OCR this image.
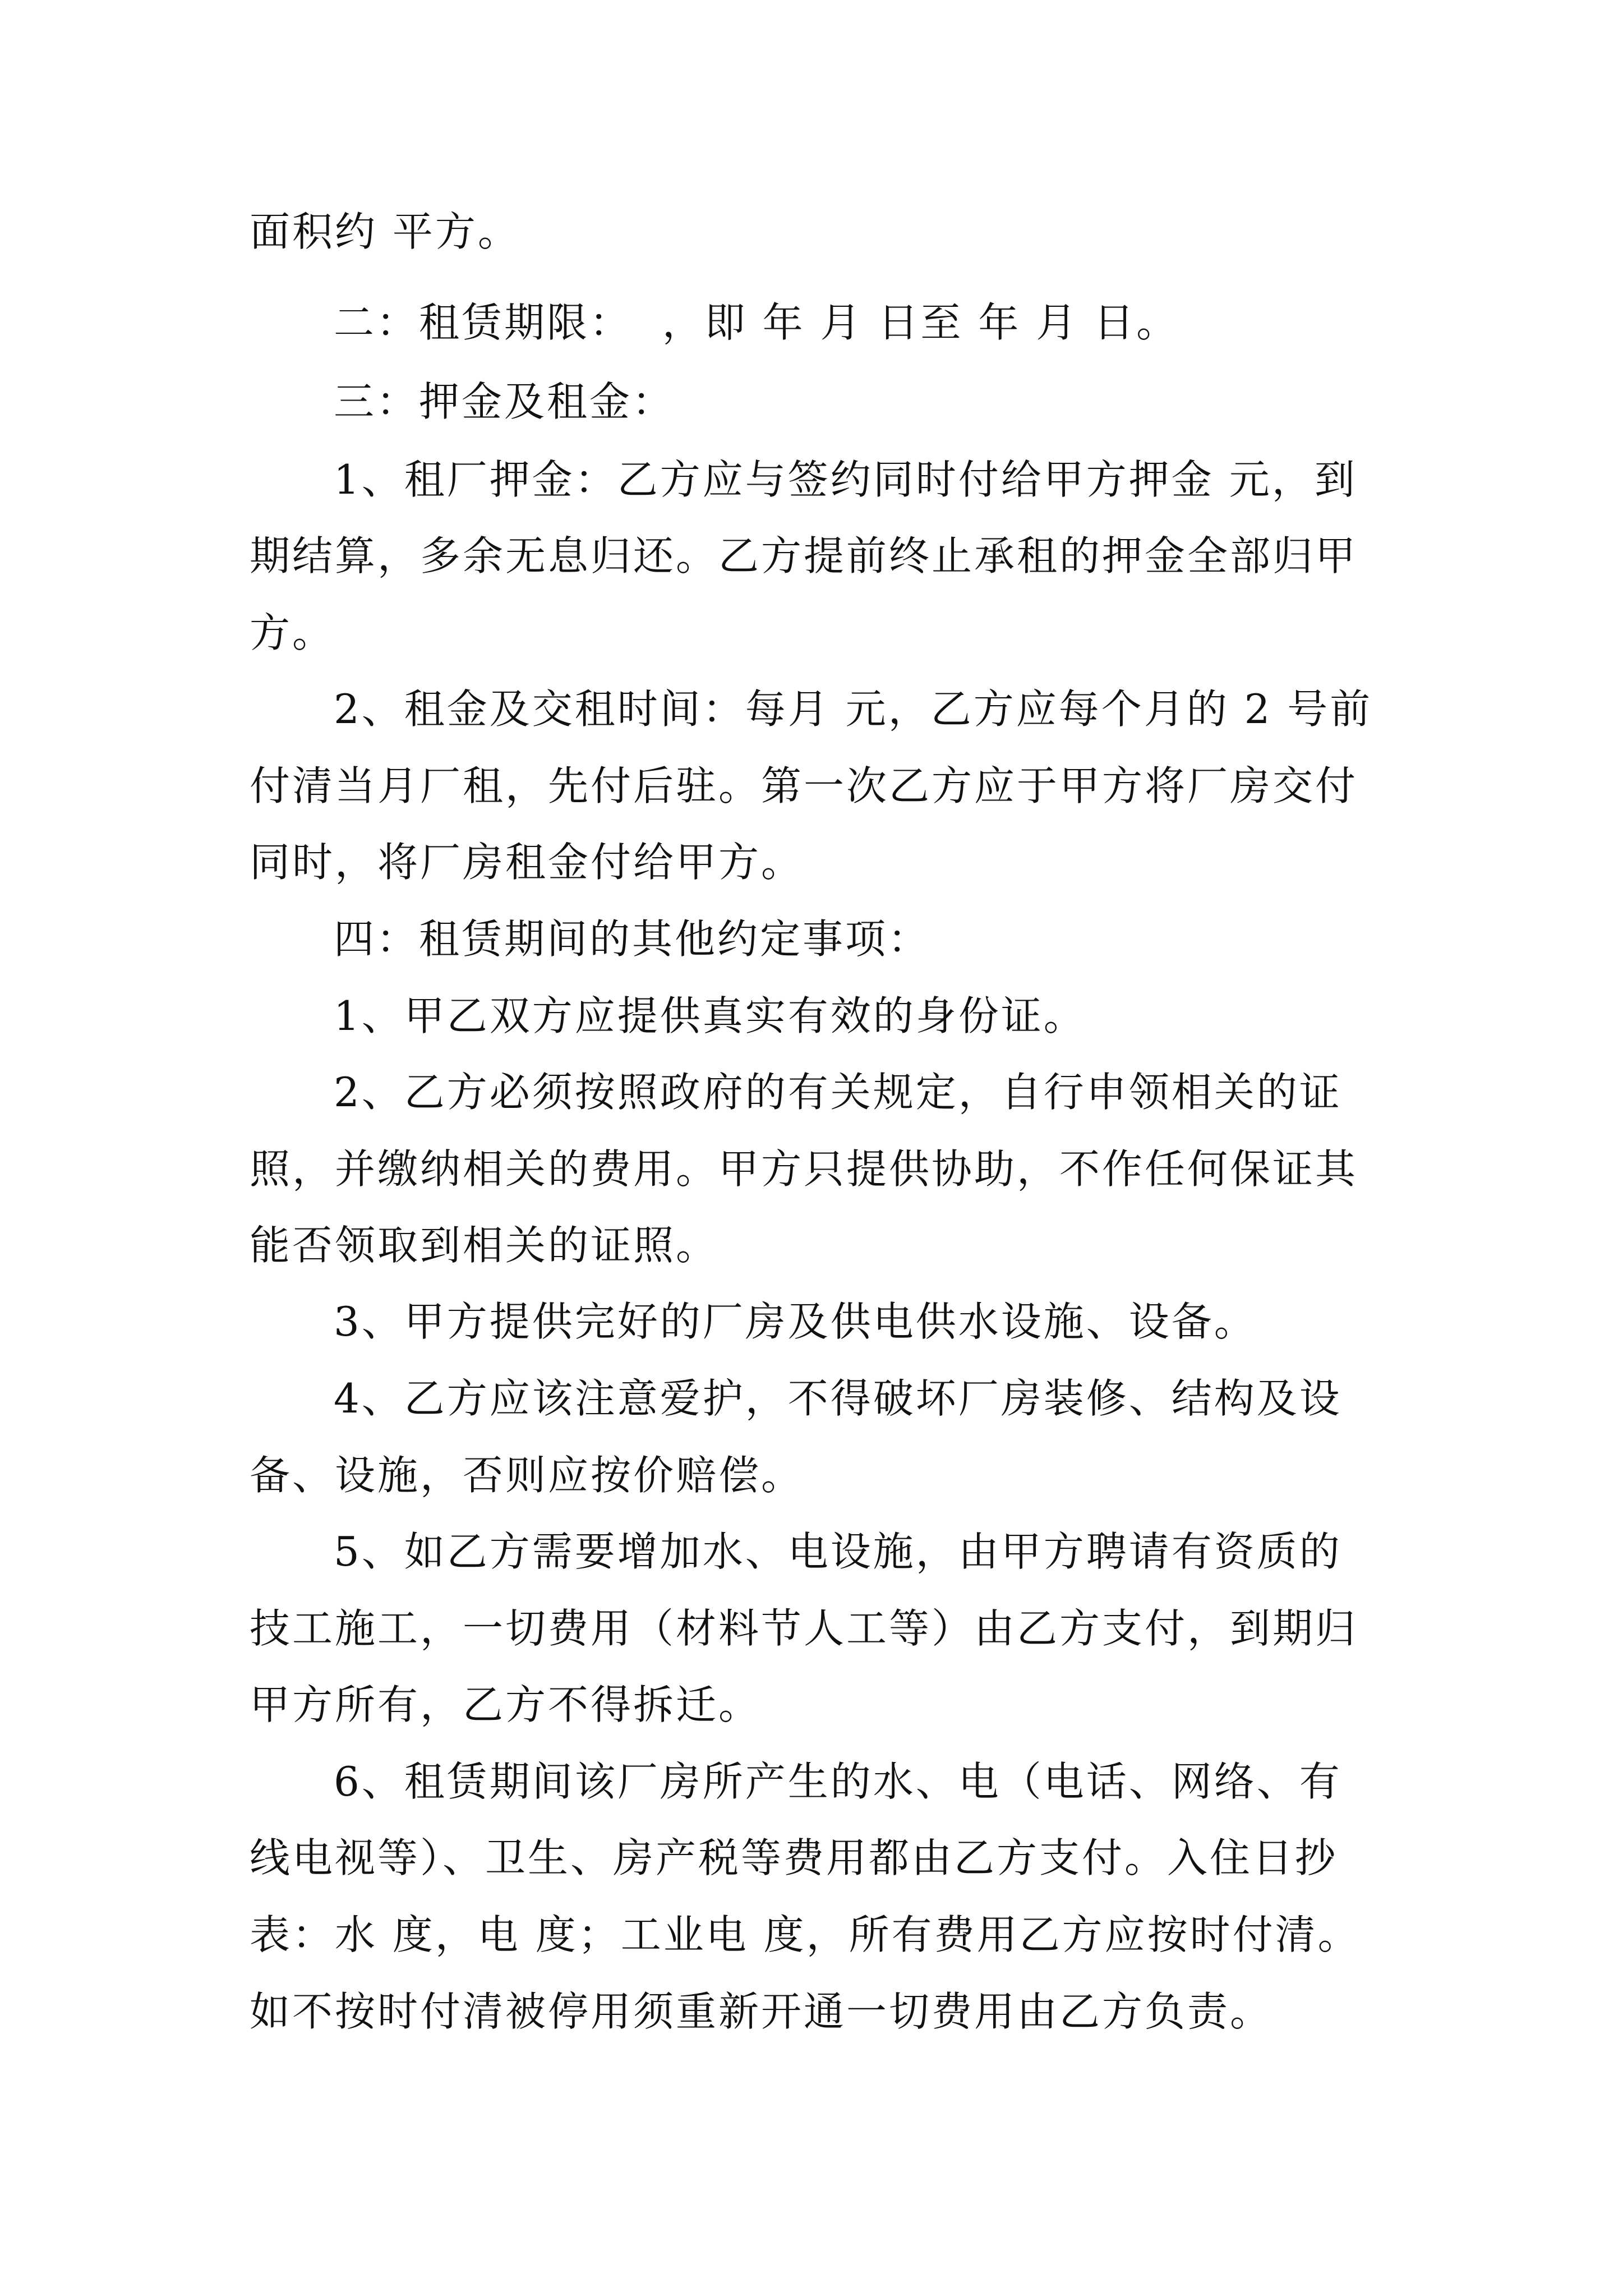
面积约 平方。
二：租赁期限：  ，即 年 月 日至 年 月 日。
三：押金及租金：
1、租厂押金：乙方应与签约同时付给甲方押金 元，到
期结算，多余无息归还。乙方提前终止承租的押金全部归甲
方。
2、租金及交租时间：每月 元，乙方应每个月的 2 号前
付清当月厂租，先付后驻。第一次乙方应于甲方将厂房交付
同时，将厂房租金付给甲方。
四：租赁期间的其他约定事项：
1、甲乙双方应提供真实有效的身份证。
2、乙方必须按照政府的有关规定，自行申领相关的证
照，并缴纳相关的费用。甲方只提供协助，不作任何保证其
能否领取到相关的证照。
3、甲方提供完好的厂房及供电供水设施、设备。
4、乙方应该注意爱护，不得破坏厂房装修、结构及设
备、设施，否则应按价赔偿。
5、如乙方需要增加水、电设施，由甲方聘请有资质的
技工施工，一切费用（材料节人工等）由乙方支付，到期归
甲方所有，乙方不得拆迁。
6、租赁期间该厂房所产生的水、电（电话、网络、有
线电视等）、卫生、房产税等费用都由乙方支付。入住日抄
表：水 度，电 度；工业电 度，所有费用乙方应按时付清。
如不按时付清被停用须重新开通一切费用由乙方负责。
